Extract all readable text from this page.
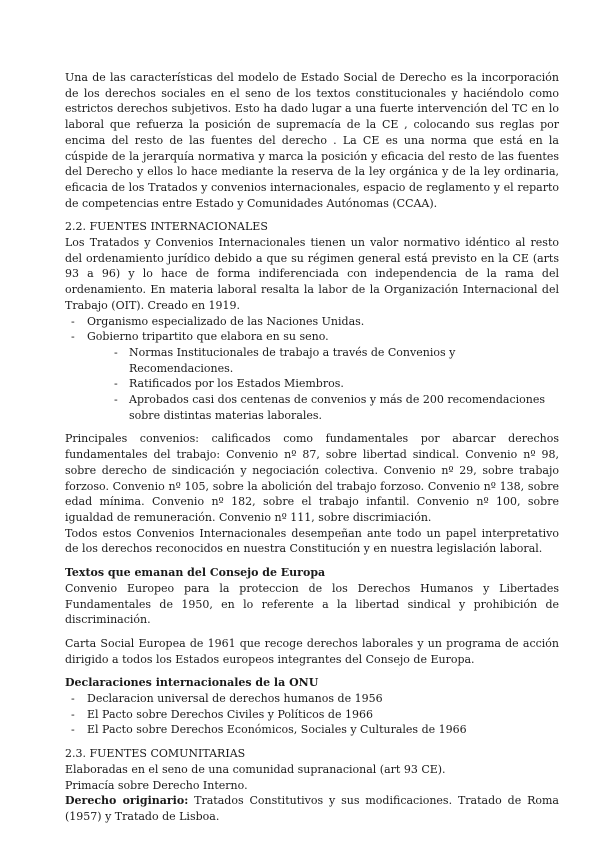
Una de las características del modelo de Estado Social de Derecho es la incorporación de los derechos sociales en el seno de los textos constitucionales y haciéndolo como estrictos derechos subjetivos. Esto ha dado lugar a una fuerte intervención del TC en lo laboral que refuerza la posición de supremacía de la CE , colocando sus reglas por encima del resto de las fuentes del derecho . La CE es una norma que está en la cúspide de la jerarquía normativa y marca la posición y eficacia del resto de las fuentes del Derecho y ellos lo hace mediante la reserva de la ley orgánica y de la ley ordinaria, eficacia de los Tratados y convenios internacionales, espacio de reglamento y el reparto de competencias entre Estado y Comunidades Autónomas (CCAA).

2.2. FUENTES INTERNACIONALES

Los Tratados y Convenios Internacionales tienen un valor normativo idéntico al resto del ordenamiento jurídico debido a que su régimen general está previsto en la CE (arts 93 a 96) y lo hace de forma indiferenciada con independencia de la rama del ordenamiento. En materia laboral resalta la labor de la Organización Internacional del Trabajo (OIT). Creado en 1919.

- Organismo especializado de las Naciones Unidas.
- Gobierno tripartito que elabora en su seno.
- Normas Institucionales de trabajo a través de Convenios y Recomendaciones.
- Ratificados por los Estados Miembros.
- Aprobados casi dos centenas de convenios y más de 200 recomendaciones sobre distintas materias laborales.

Principales convenios: calificados como fundamentales por abarcar derechos fundamentales del trabajo: Convenio nº 87, sobre libertad sindical. Convenio nº 98, sobre derecho de sindicación y negociación colectiva. Convenio nº 29, sobre trabajo forzoso. Convenio nº 105, sobre la abolición del trabajo forzoso. Convenio nº 138, sobre edad mínima. Convenio nº 182, sobre el trabajo infantil. Convenio nº 100, sobre igualdad de remuneración. Convenio nº 111, sobre discrimiación.

Todos estos Convenios Internacionales desempeñan ante todo un papel interpretativo de los derechos reconocidos en nuestra Constitución y en nuestra legislación laboral.

Textos que emanan del Consejo de Europa

Convenio Europeo para la proteccion de los Derechos Humanos y Libertades Fundamentales de 1950, en lo referente a la libertad sindical y prohibición de discriminación.

Carta Social Europea de 1961 que recoge derechos laborales y un programa de acción dirigido a todos los Estados europeos integrantes del Consejo de Europa.

Declaraciones internacionales de la ONU
- Declaracion universal de derechos humanos de 1956
- El Pacto sobre Derechos Civiles y Políticos de 1966
- El Pacto sobre Derechos Económicos, Sociales y Culturales de 1966
2.3. FUENTES COMUNITARIAS

Elaboradas en el seno de una comunidad supranacional (art 93 CE).

Primacía sobre Derecho Interno.

Derecho originario: Tratados Constitutivos y sus modificaciones. Tratado de Roma (1957) y Tratado de Lisboa.
